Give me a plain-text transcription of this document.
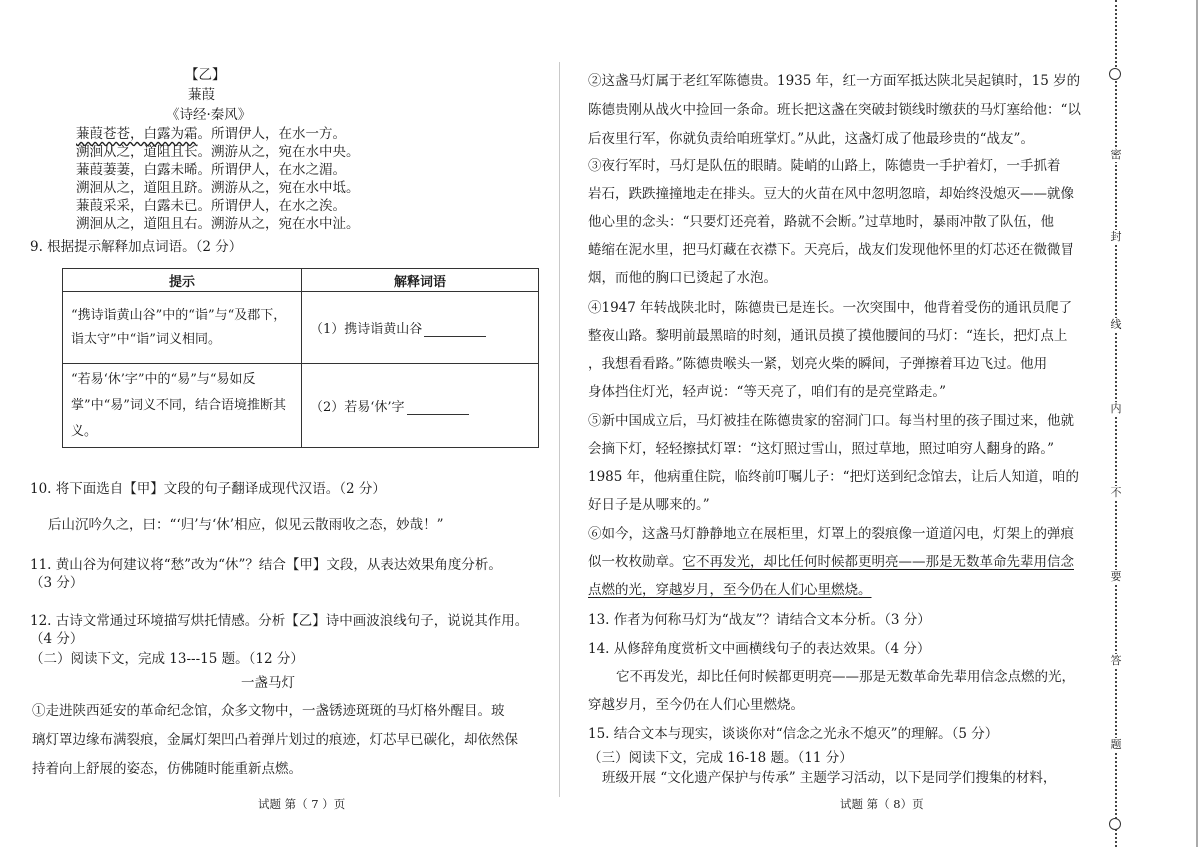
【乙】
蒹葭
《诗经·秦风》
蒹葭苍苍，白露为霜。所谓伊人，在水一方。
溯洄从之，道阻且长。溯游从之，宛在水中央。
蒹葭萋萋，白露未晞。所谓伊人，在水之湄。
溯洄从之，道阻且跻。溯游从之，宛在水中坻。
蒹葭采采，白露未已。所谓伊人，在水之涘。
溯洄从之，道阻且右。溯游从之，宛在水中沚。
9. 根据提示解释加点词语。（2 分）
提示	解释词语
“携诗诣黄山谷”中的“诣”与“及郡下，诣太守”中“诣”词义相同。	（1）携诗诣黄山谷
“若易‘休’字”中的“易”与“易如反掌”中“易”词义不同，结合语境推断其义。	（2）若易‘休’字
10. 将下面选自【甲】文段的句子翻译成现代汉语。（2 分）
后山沉吟久之，曰：“‘归’与‘休’相应，似见云散雨收之态，妙哉！”
11. 黄山谷为何建议将“愁”改为“休”？结合【甲】文段，从表达效果角度分析。
（3 分）
12. 古诗文常通过环境描写烘托情感。分析【乙】诗中画波浪线句子，说说其作用。
（4 分）
（二）阅读下文，完成 13---15 题。（12 分）
一盏马灯
①走进陕西延安的革命纪念馆，众多文物中，一盏锈迹斑斑的马灯格外醒目。玻
璃灯罩边缘布满裂痕，金属灯架凹凸着弹片划过的痕迹，灯芯早已碳化，却依然保
持着向上舒展的姿态，仿佛随时能重新点燃。
试题 第（ 7 ）页
②这盏马灯属于老红军陈德贵。1935 年，红一方面军抵达陕北吴起镇时，15 岁的
陈德贵刚从战火中捡回一条命。班长把这盏在突破封锁线时缴获的马灯塞给他：“以
后夜里行军，你就负责给咱班掌灯。”从此，这盏灯成了他最珍贵的“战友”。
③夜行军时，马灯是队伍的眼睛。陡峭的山路上，陈德贵一手护着灯，一手抓着
岩石，跌跌撞撞地走在排头。豆大的火苗在风中忽明忽暗，却始终没熄灭——就像
他心里的念头：“只要灯还亮着，路就不会断。”过草地时，暴雨冲散了队伍，他
蜷缩在泥水里，把马灯藏在衣襟下。天亮后，战友们发现他怀里的灯芯还在微微冒
烟，而他的胸口已烫起了水泡。
④1947 年转战陕北时，陈德贵已是连长。一次突围中，他背着受伤的通讯员爬了
整夜山路。黎明前最黑暗的时刻，通讯员摸了摸他腰间的马灯：“连长，把灯点上
，我想看看路。”陈德贵喉头一紧，划亮火柴的瞬间，子弹擦着耳边飞过。他用
身体挡住灯光，轻声说：“等天亮了，咱们有的是亮堂路走。”
⑤新中国成立后，马灯被挂在陈德贵家的窑洞门口。每当村里的孩子围过来，他就
会摘下灯，轻轻擦拭灯罩：“这灯照过雪山，照过草地，照过咱穷人翻身的路。”
1985 年，他病重住院，临终前叮嘱儿子：“把灯送到纪念馆去，让后人知道，咱的
好日子是从哪来的。”
⑥如今，这盏马灯静静地立在展柜里，灯罩上的裂痕像一道道闪电，灯架上的弹痕
似一枚枚勋章。它不再发光，却比任何时候都更明亮——那是无数革命先辈用信念
点燃的光，穿越岁月，至今仍在人们心里燃烧。
13. 作者为何称马灯为“战友”？请结合文本分析。（3 分）
14. 从修辞角度赏析文中画横线句子的表达效果。（4 分）
它不再发光，却比任何时候都更明亮——那是无数革命先辈用信念点燃的光，
穿越岁月，至今仍在人们心里燃烧。
15. 结合文本与现实，谈谈你对“信念之光永不熄灭”的理解。（5 分）
（三）阅读下文，完成 16-18 题。（11 分）
班级开展 “文化遗产保护与传承” 主题学习活动，以下是同学们搜集的材料，
试题 第（ 8）页
密
封
线
内
不
要
答
题
